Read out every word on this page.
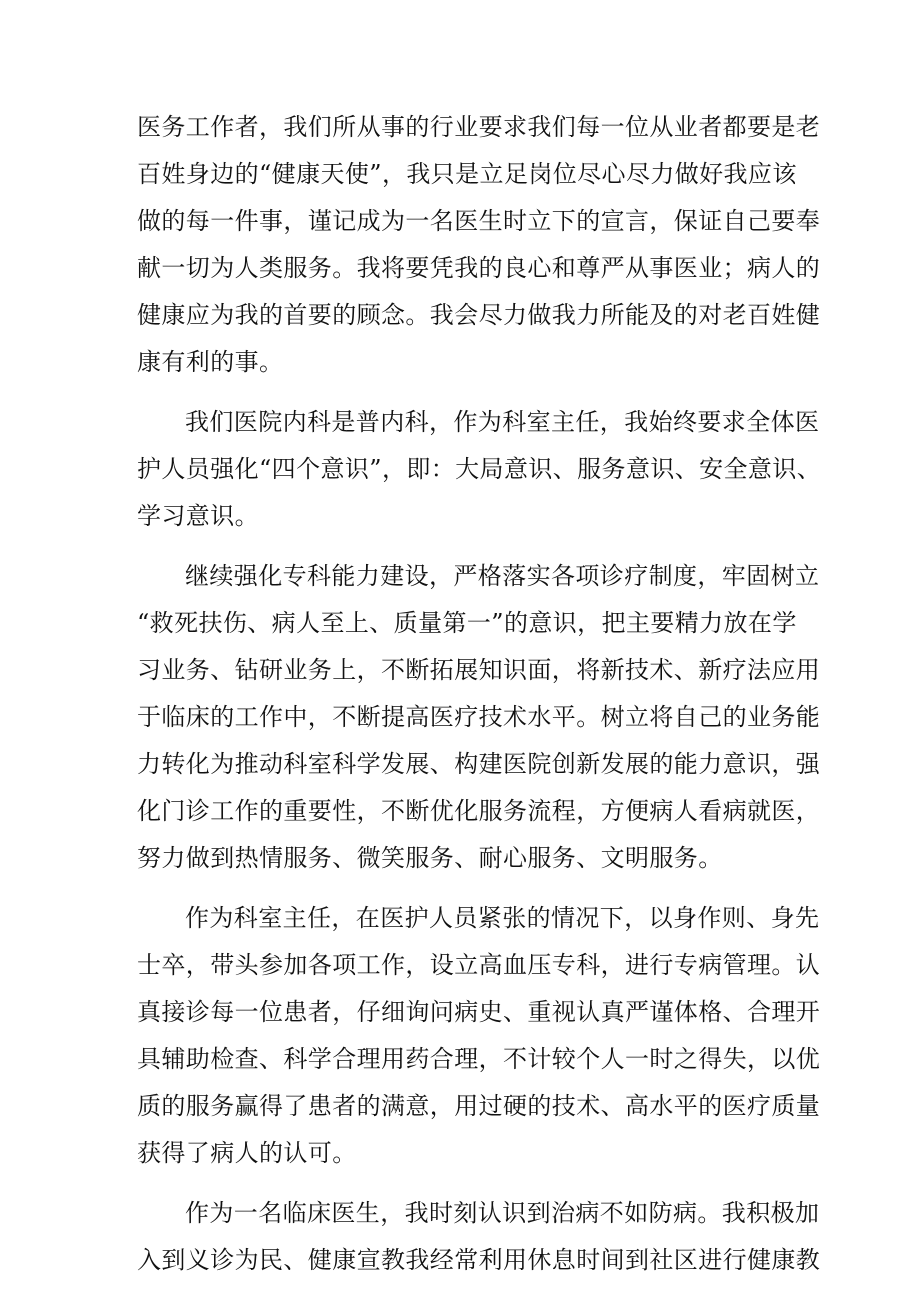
医务工作者，我们所从事的行业要求我们每一位从业者都要是老
百姓身边的“健康天使”，我只是立足岗位尽心尽力做好我应该
做的每一件事，谨记成为一名医生时立下的宣言，保证自己要奉
献一切为人类服务。我将要凭我的良心和尊严从事医业；病人的
健康应为我的首要的顾念。我会尽力做我力所能及的对老百姓健
康有利的事。
我们医院内科是普内科，作为科室主任，我始终要求全体医
护人员强化“四个意识”，即：大局意识、服务意识、安全意识、
学习意识。
继续强化专科能力建设，严格落实各项诊疗制度，牢固树立
“救死扶伤、病人至上、质量第一”的意识，把主要精力放在学
习业务、钻研业务上，不断拓展知识面，将新技术、新疗法应用
于临床的工作中，不断提高医疗技术水平。树立将自己的业务能
力转化为推动科室科学发展、构建医院创新发展的能力意识，强
化门诊工作的重要性，不断优化服务流程，方便病人看病就医，
努力做到热情服务、微笑服务、耐心服务、文明服务。
作为科室主任，在医护人员紧张的情况下，以身作则、身先
士卒，带头参加各项工作，设立高血压专科，进行专病管理。认
真接诊每一位患者，仔细询问病史、重视认真严谨体格、合理开
具辅助检查、科学合理用药合理，不计较个人一时之得失，以优
质的服务赢得了患者的满意，用过硬的技术、高水平的医疗质量
获得了病人的认可。
作为一名临床医生，我时刻认识到治病不如防病。我积极加
入到义诊为民、健康宣教我经常利用休息时间到社区进行健康教
